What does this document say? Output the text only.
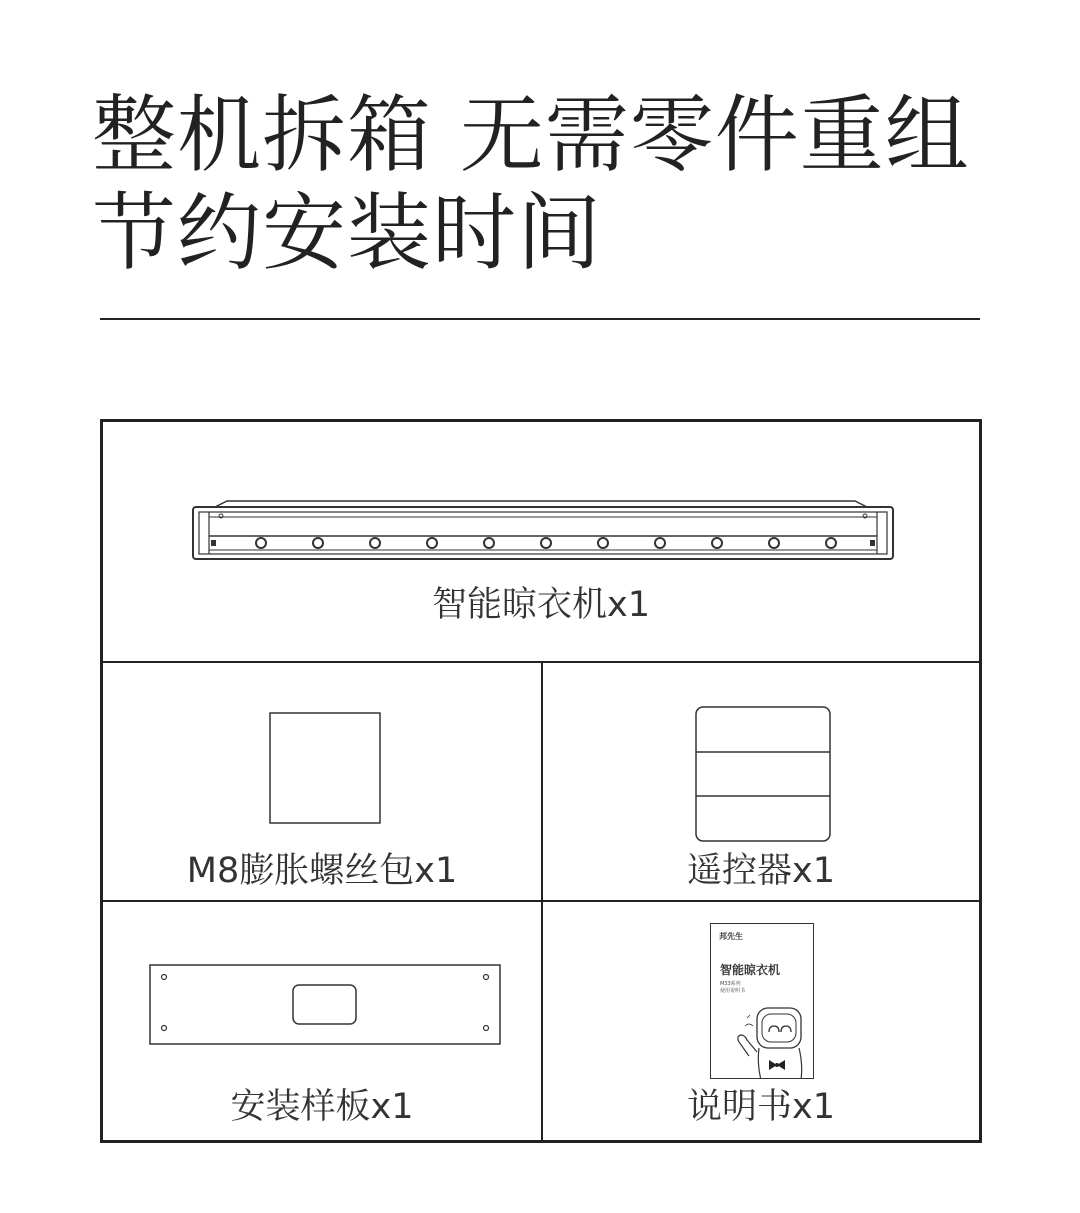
整机拆箱 无需零件重组
节约安装时间
智能晾衣机x1
M8膨胀螺丝包x1	遥控器x1
安装样板x1
邦先生
智能晾衣机
M33系列
使用说明书
说明书x1
